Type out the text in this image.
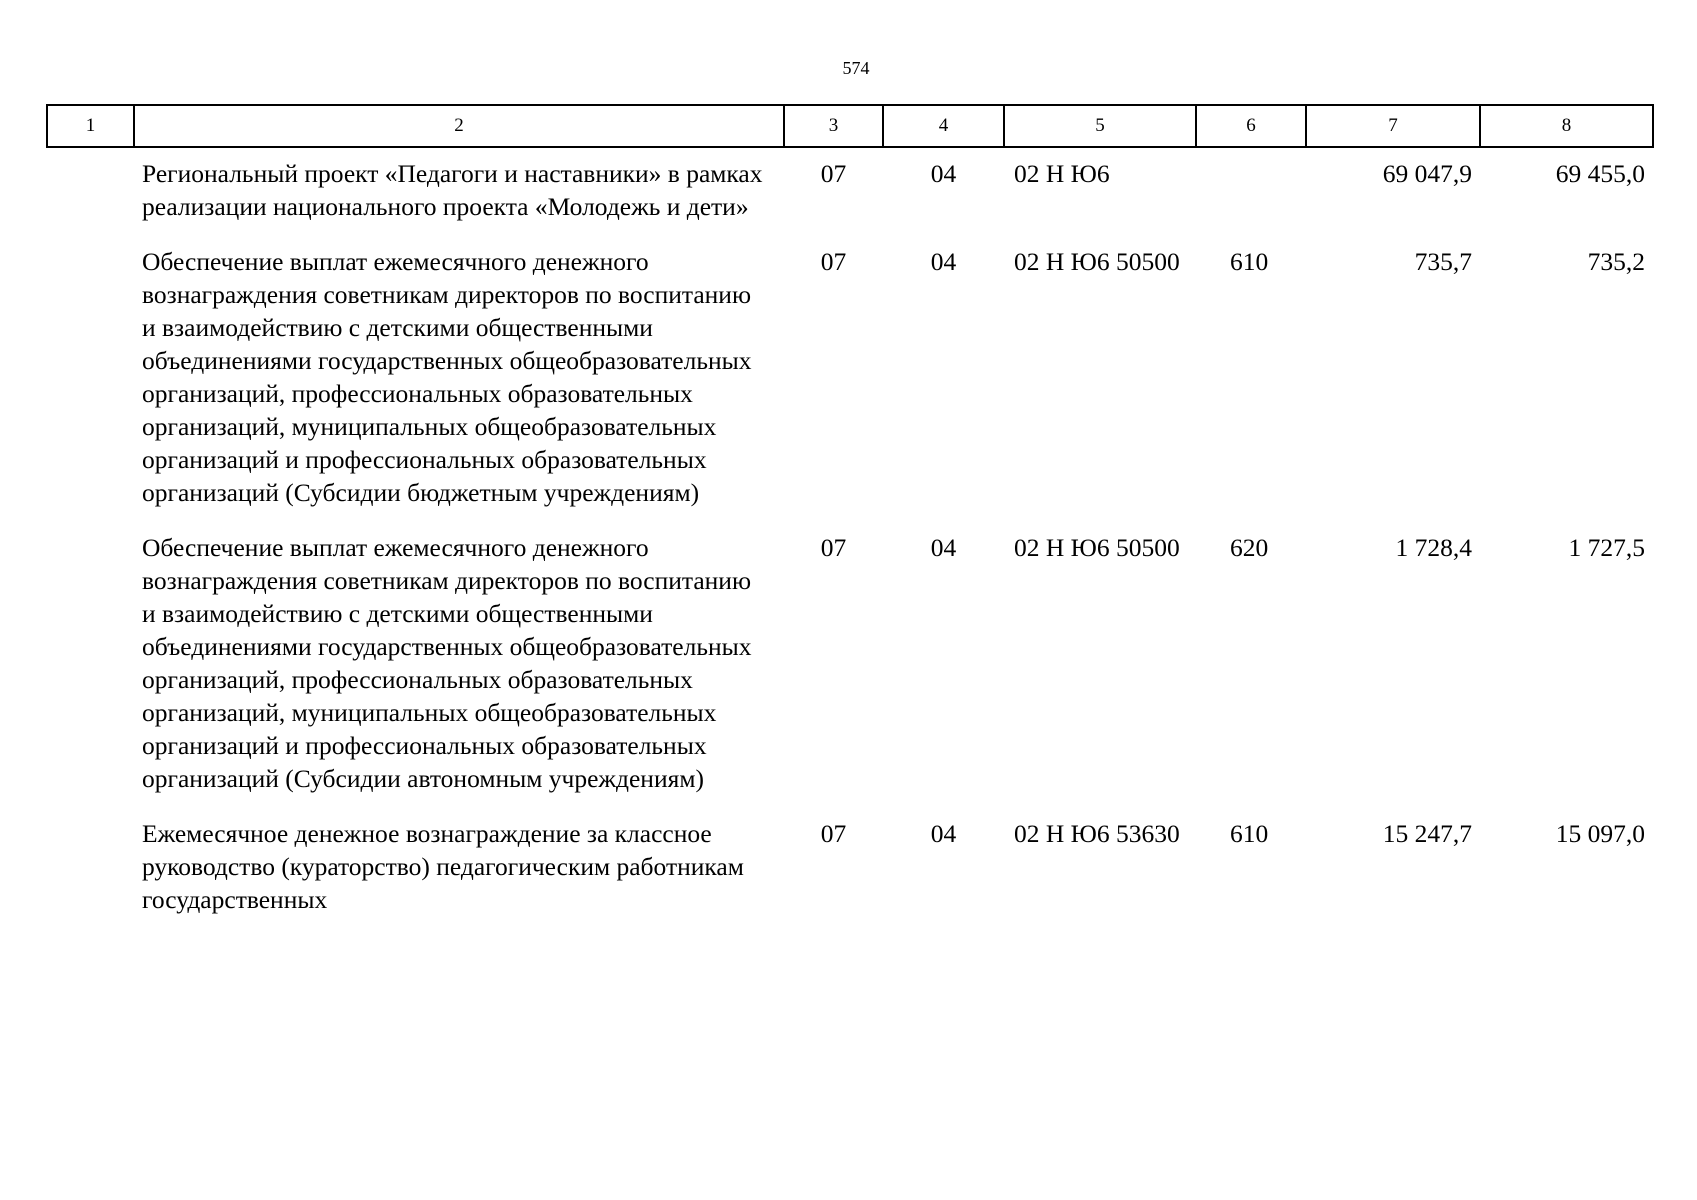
574
1	2	3	4	5	6	7	8
	Региональный проект «Педагоги и наставники» в рамках реализации национального проекта «Молодежь и дети»	07	04	02 Н Ю6		69 047,9	69 455,0
	Обеспечение выплат ежемесячного денежного вознаграждения советникам директоров по воспитанию и взаимодействию с детскими общественными объединениями государственных общеобразовательных организаций, профессиональных образовательных организаций, муниципальных общеобразовательных организаций и профессиональных образовательных организаций (Субсидии бюджетным учреждениям)	07	04	02 Н Ю6 50500	610	735,7	735,2
	Обеспечение выплат ежемесячного денежного вознаграждения советникам директоров по воспитанию и взаимодействию с детскими общественными объединениями государственных общеобразовательных организаций, профессиональных образовательных организаций, муниципальных общеобразовательных организаций и профессиональных образовательных организаций (Субсидии автономным учреждениям)	07	04	02 Н Ю6 50500	620	1 728,4	1 727,5
	Ежемесячное денежное вознаграждение за классное руководство (кураторство) педагогическим работникам государственных	07	04	02 Н Ю6 53630	610	15 247,7	15 097,0
